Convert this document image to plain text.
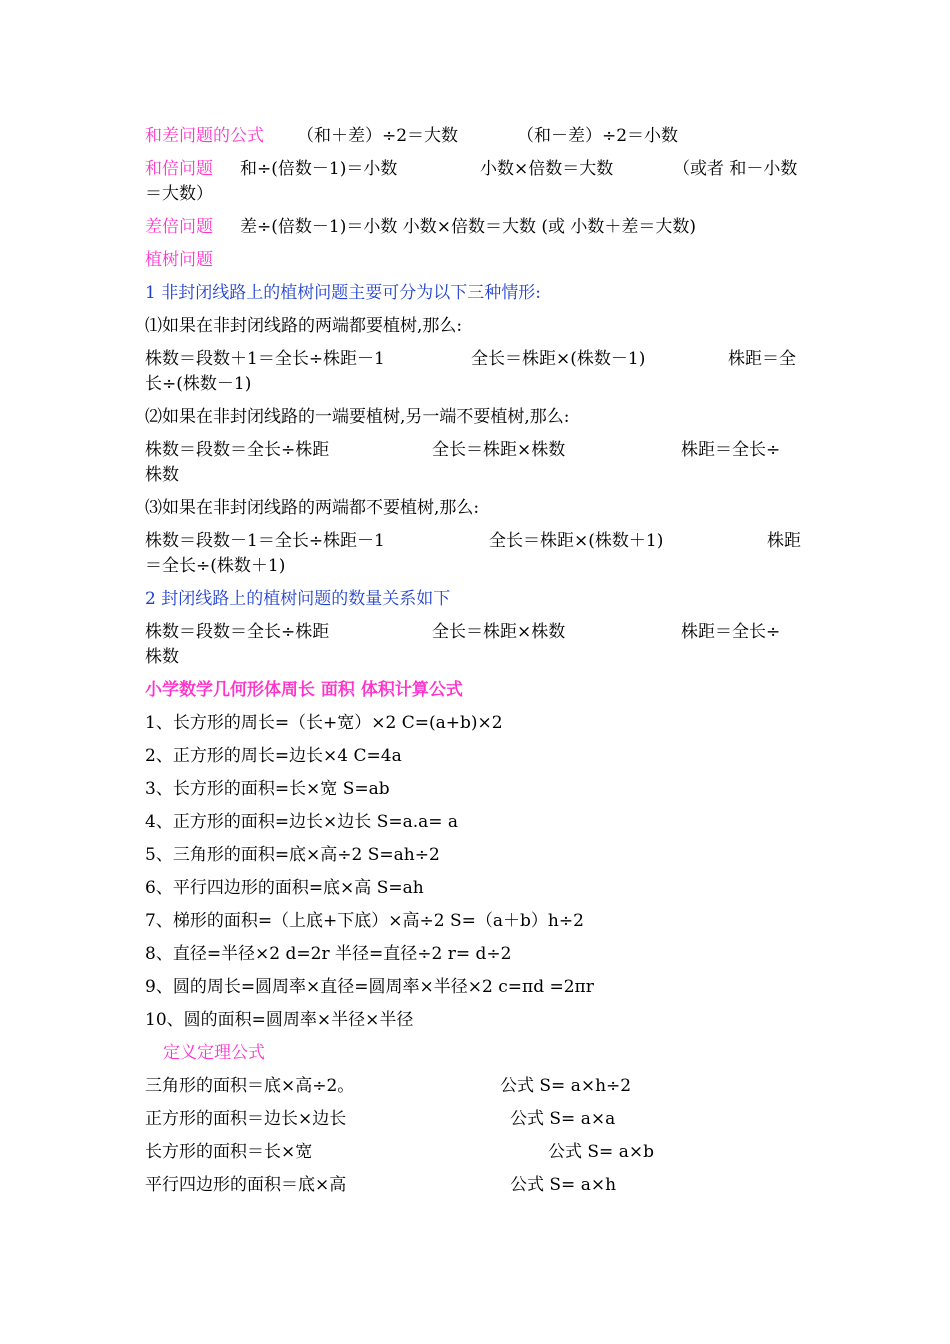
和差问题的公式 （和＋差）÷2＝大数	（和－差）÷2＝小数
和倍问题 和÷(倍数－1)＝小数	小数×倍数＝大数	（或者 和－小数
＝大数）
差倍问题 差÷(倍数－1)＝小数 小数×倍数＝大数 (或 小数＋差＝大数)
植树问题
1 非封闭线路上的植树问题主要可分为以下三种情形:
⑴如果在非封闭线路的两端都要植树,那么:
株数＝段数＋1＝全长÷株距－1	全长＝株距×(株数－1)	株距＝全
长÷(株数－1)
⑵如果在非封闭线路的一端要植树,另一端不要植树,那么:
株数＝段数＝全长÷株距	全长＝株距×株数	株距＝全长÷
株数
⑶如果在非封闭线路的两端都不要植树,那么:
株数＝段数－1＝全长÷株距－1	全长＝株距×(株数＋1)	株距
＝全长÷(株数＋1)
2 封闭线路上的植树问题的数量关系如下
株数＝段数＝全长÷株距	全长＝株距×株数	株距＝全长÷
株数
小学数学几何形体周长 面积 体积计算公式
1、长方形的周长=（长+宽）×2 C=(a+b)×2
2、正方形的周长=边长×4 C=4a
3、长方形的面积=长×宽 S=ab
4、正方形的面积=边长×边长 S=a.a= a
5、三角形的面积=底×高÷2 S=ah÷2
6、平行四边形的面积=底×高 S=ah
7、梯形的面积=（上底+下底）×高÷2 S=（a＋b）h÷2
8、直径=半径×2 d=2r 半径=直径÷2 r= d÷2
9、圆的周长=圆周率×直径=圆周率×半径×2 c=πd =2πr
10、圆的面积=圆周率×半径×半径
定义定理公式
三角形的面积＝底×高÷2。	公式 S= a×h÷2
正方形的面积＝边长×边长	公式 S= a×a
长方形的面积＝长×宽	公式 S= a×b
平行四边形的面积＝底×高	公式 S= a×h
